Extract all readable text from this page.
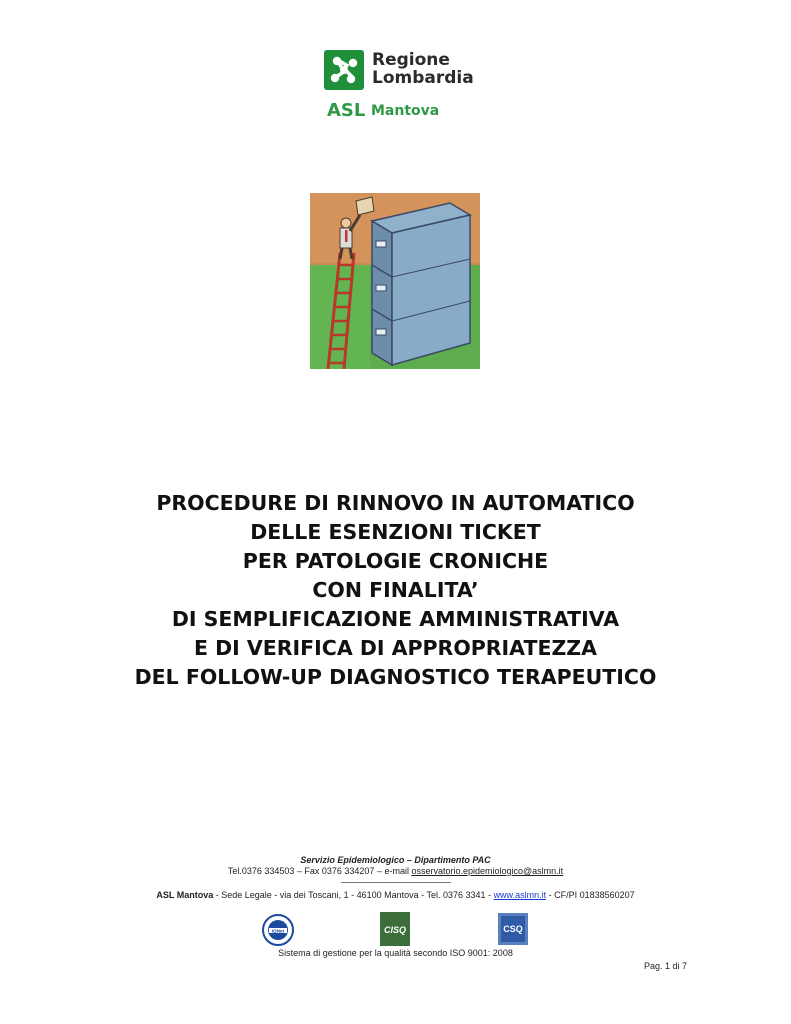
Regione
Lombardia
ASL Mantova
PROCEDURE DI RINNOVO IN AUTOMATICO
DELLE ESENZIONI TICKET
PER PATOLOGIE CRONICHE
CON FINALITA’
DI SEMPLIFICAZIONE AMMINISTRATIVA
E DI VERIFICA DI APPROPRIATEZZA
DEL FOLLOW-UP DIAGNOSTICO TERAPEUTICO
Servizio Epidemiologico – Dipartimento PAC
Tel.0376 334503 – Fax 0376 334207 – e-mail osservatorio.epidemiologico@aslmn.it
ASL Mantova - Sede Legale - via dei Toscani, 1 - 46100 Mantova - Tel. 0376 3341 - www.aslmn.it - CF/PI 01838560207
IQNet	CISQ	CSQ
Sistema di gestione per la qualità secondo ISO 9001: 2008
Pag. 1 di 7
